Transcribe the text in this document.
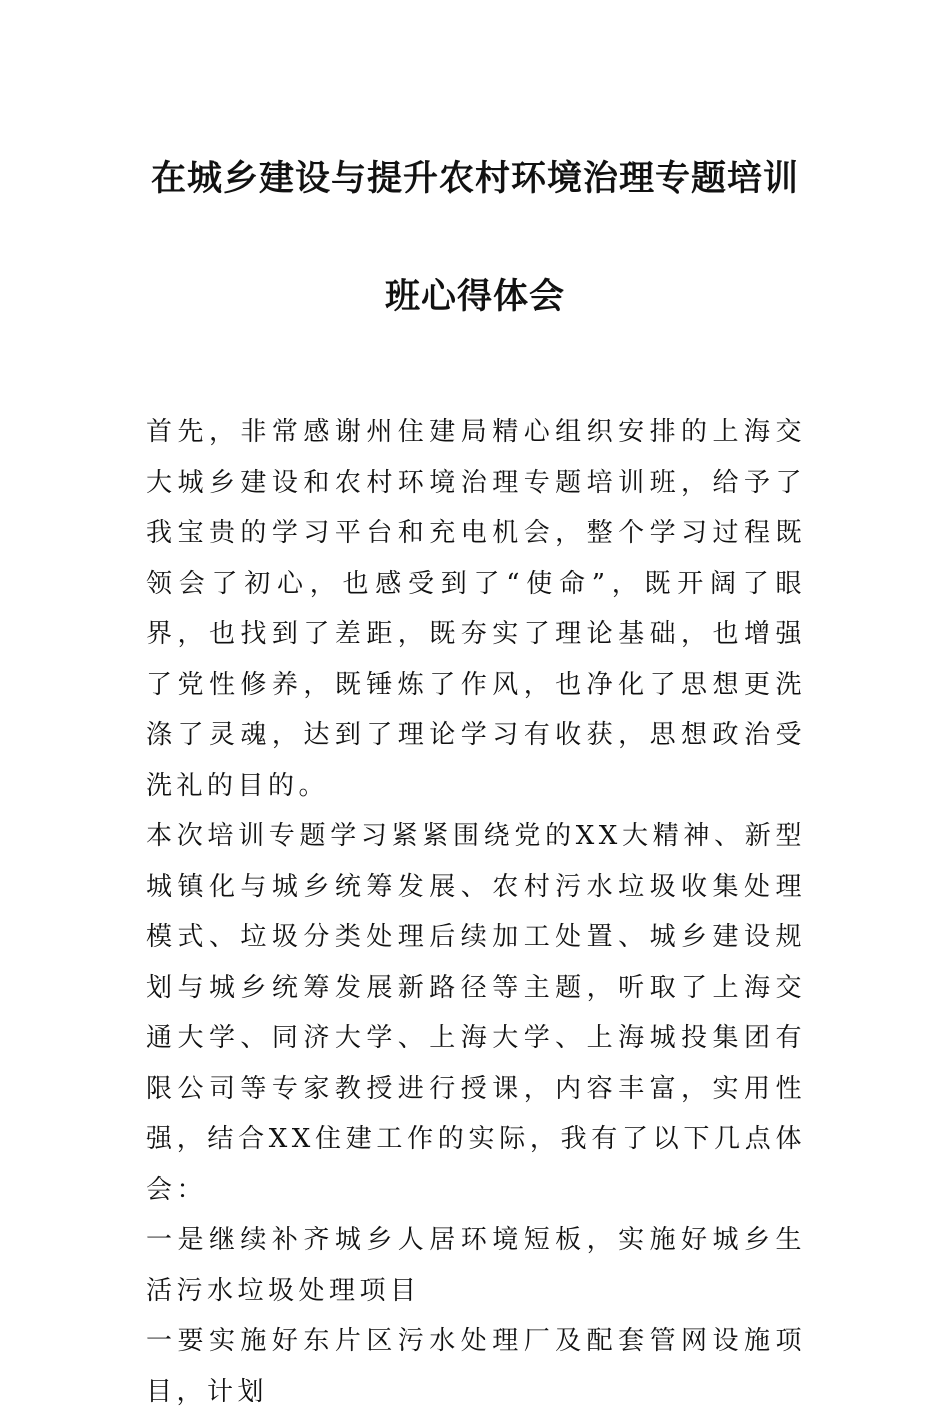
在城乡建设与提升农村环境治理专题培训
班心得体会

首先，非常感谢州住建局精心组织安排的上海交大城乡建设和农村环境治理专题培训班，给予了我宝贵的学习平台和充电机会，整个学习过程既领会了初心，也感受到了“使命”，既开阔了眼界，也找到了差距，既夯实了理论基础，也增强了党性修养，既锤炼了作风，也净化了思想更洗涤了灵魂，达到了理论学习有收获，思想政治受洗礼的目的。

本次培训专题学习紧紧围绕党的XX大精神、新型城镇化与城乡统筹发展、农村污水垃圾收集处理模式、垃圾分类处理后续加工处置、城乡建设规划与城乡统筹发展新路径等主题，听取了上海交通大学、同济大学、上海大学、上海城投集团有限公司等专家教授进行授课，内容丰富，实用性强，结合XX住建工作的实际，我有了以下几点体会：

一是继续补齐城乡人居环境短板，实施好城乡生活污水垃圾处理项目

一要实施好东片区污水处理厂及配套管网设施项目，计划
